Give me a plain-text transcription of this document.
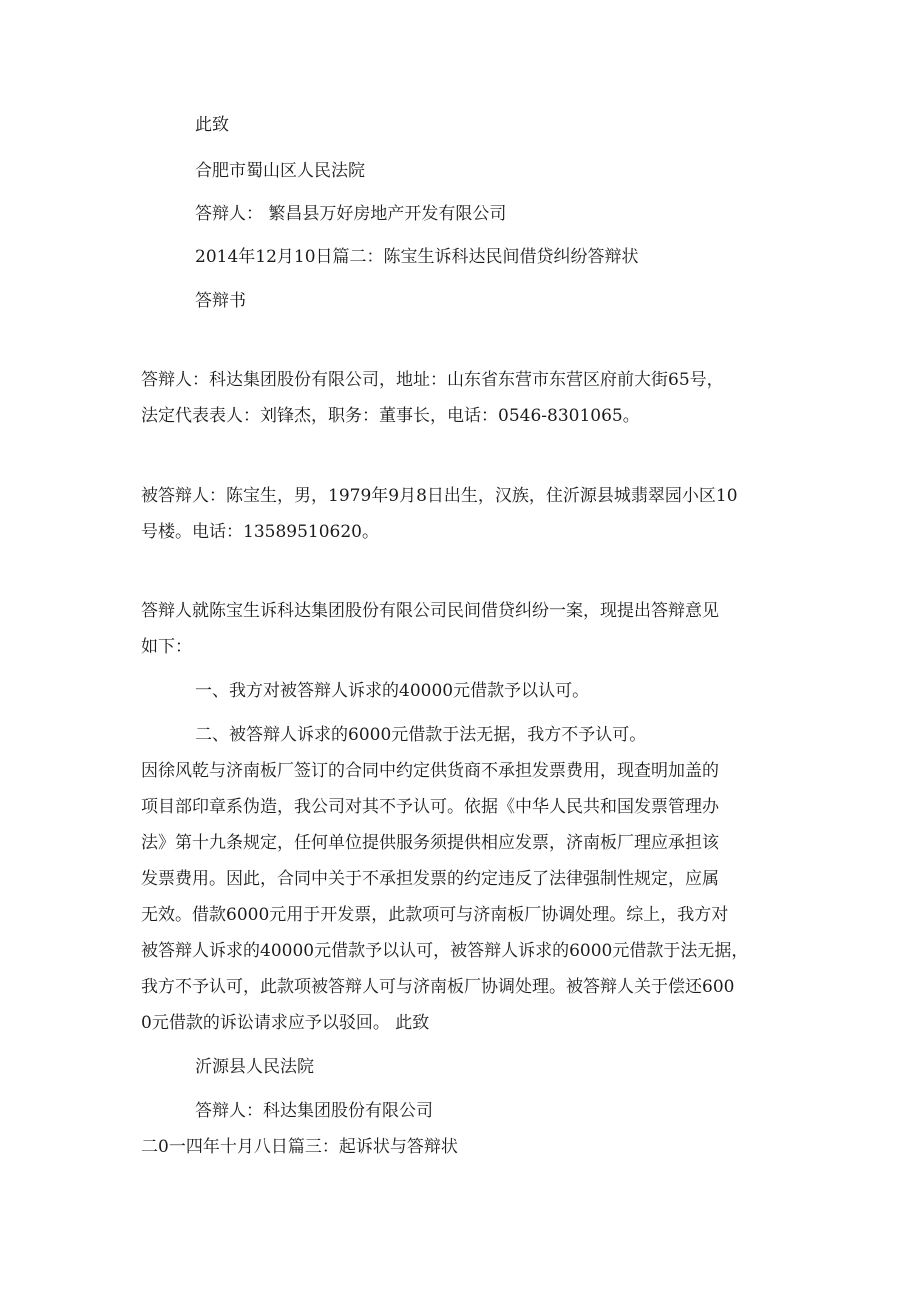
此致

合肥市蜀山区人民法院

答辩人： 繁昌县万好房地产开发有限公司

2014年12月10日篇二：陈宝生诉科达民间借贷纠纷答辩状

答辩书

答辩人：科达集团股份有限公司，地址：山东省东营市东营区府前大街65号，

法定代表表人：刘锋杰，职务：董事长，电话：0546-8301065。

被答辩人：陈宝生，男，1979年9月8日出生，汉族，住沂源县城翡翠园小区10

号楼。电话：13589510620。

答辩人就陈宝生诉科达集团股份有限公司民间借贷纠纷一案，现提出答辩意见

如下：

一、我方对被答辩人诉求的40000元借款予以认可。

二、被答辩人诉求的6000元借款于法无据，我方不予认可。

因徐风乾与济南板厂签订的合同中约定供货商不承担发票费用，现查明加盖的

项目部印章系伪造，我公司对其不予认可。依据《中华人民共和国发票管理办

法》第十九条规定，任何单位提供服务须提供相应发票，济南板厂理应承担该

发票费用。因此，合同中关于不承担发票的约定违反了法律强制性规定，应属

无效。借款6000元用于开发票，此款项可与济南板厂协调处理。综上，我方对

被答辩人诉求的40000元借款予以认可，被答辩人诉求的6000元借款于法无据，

我方不予认可，此款项被答辩人可与济南板厂协调处理。被答辩人关于偿还600

0元借款的诉讼请求应予以驳回。 此致

沂源县人民法院

答辩人：科达集团股份有限公司

二0一四年十月八日篇三：起诉状与答辩状
